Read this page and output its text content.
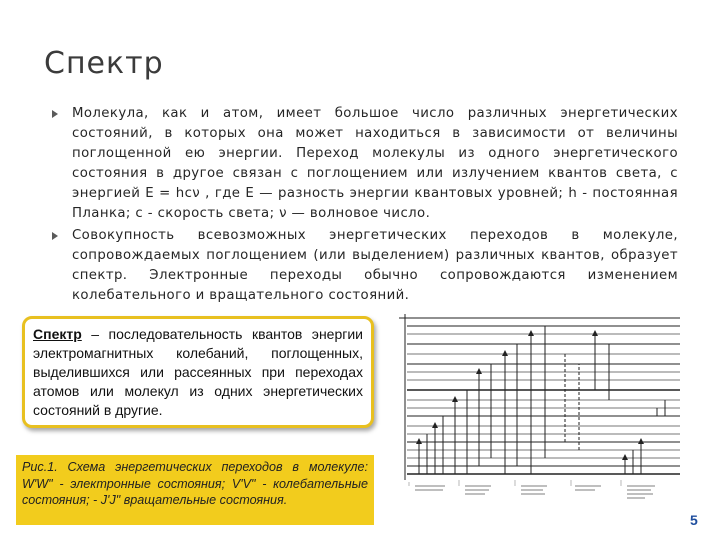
Спектр
Молекула, как и атом, имеет большое число различных энергетических состояний, в которых она может находиться в зависимости от величины поглощенной ею энергии. Переход молекулы из одного энергетического состояния в другое связан с поглощением или излучением квантов света, с энергией E = hcν , где E — разность энергии квантовых уровней; h - постоянная Планка; c - скорость света; ν — волновое число.
Совокупность всевозможных энергетических переходов в молекуле, сопровождаемых поглощением (или выделением) различных квантов, образует спектр. Электронные переходы обычно сопровождаются изменением колебательного и вращательного состояний.
Спектр – последовательность квантов энергии электромагнитных колебаний, поглощенных, выделившихся или рассеянных при переходах атомов или молекул из одних энергетических состояний в другие.
Рис.1. Схема энергетических переходов в молекуле: W'W" - электронные состояния; V'V" - колебательные состояния; - J'J" вращательные состояния.
5
